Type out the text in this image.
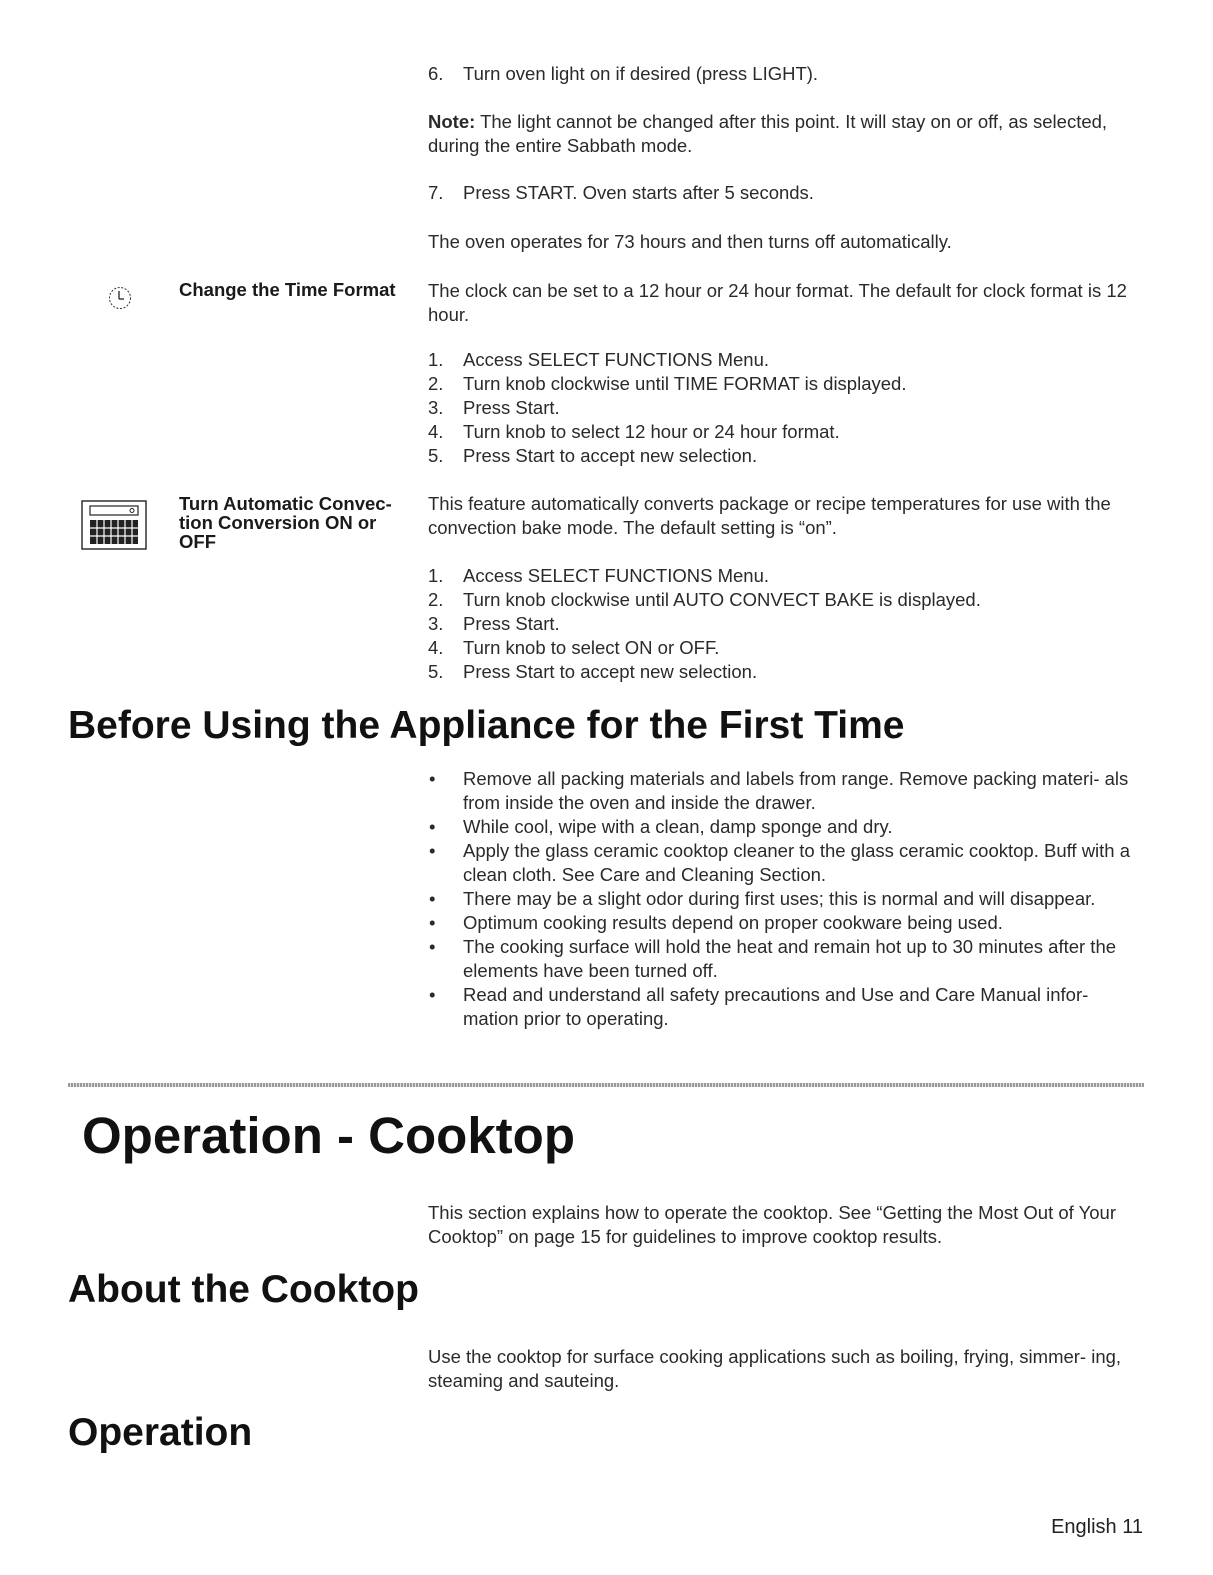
6. Turn oven light on if desired (press LIGHT).
Note: The light cannot be changed after this point. It will stay on or off, as selected, during the entire Sabbath mode.
7. Press START. Oven starts after 5 seconds.
The oven operates for 73 hours and then turns off automatically.
Change the Time Format	The clock can be set to a 12 hour or 24 hour format. The default for clock format is 12 hour.
1. Access SELECT FUNCTIONS Menu.
2. Turn knob clockwise until TIME FORMAT is displayed.
3. Press Start.
4. Turn knob to select 12 hour or 24 hour format.
5. Press Start to accept new selection.
Turn Automatic Convec-
tion Conversion ON or
OFF
This feature automatically converts package or recipe temperatures for use with the convection bake mode. The default setting is “on”.
1. Access SELECT FUNCTIONS Menu.
2. Turn knob clockwise until AUTO CONVECT BAKE is displayed.
3. Press Start.
4. Turn knob to select ON or OFF.
5. Press Start to accept new selection.
Before Using the Appliance for the First Time
• Remove all packing materials and labels from range. Remove packing materi- als from inside the oven and inside the drawer.
• While cool, wipe with a clean, damp sponge and dry.
• Apply the glass ceramic cooktop cleaner to the glass ceramic cooktop. Buff with a clean cloth. See Care and Cleaning Section.
• There may be a slight odor during first uses; this is normal and will disappear.
• Optimum cooking results depend on proper cookware being used.
• The cooking surface will hold the heat and remain hot up to 30 minutes after the elements have been turned off.
• Read and understand all safety precautions and Use and Care Manual infor- mation prior to operating.
Operation - Cooktop
This section explains how to operate the cooktop. See “Getting the Most Out of Your Cooktop” on page 15 for guidelines to improve cooktop results.
About the Cooktop
Use the cooktop for surface cooking applications such as boiling, frying, simmer- ing, steaming and sauteing.
Operation
English 11
